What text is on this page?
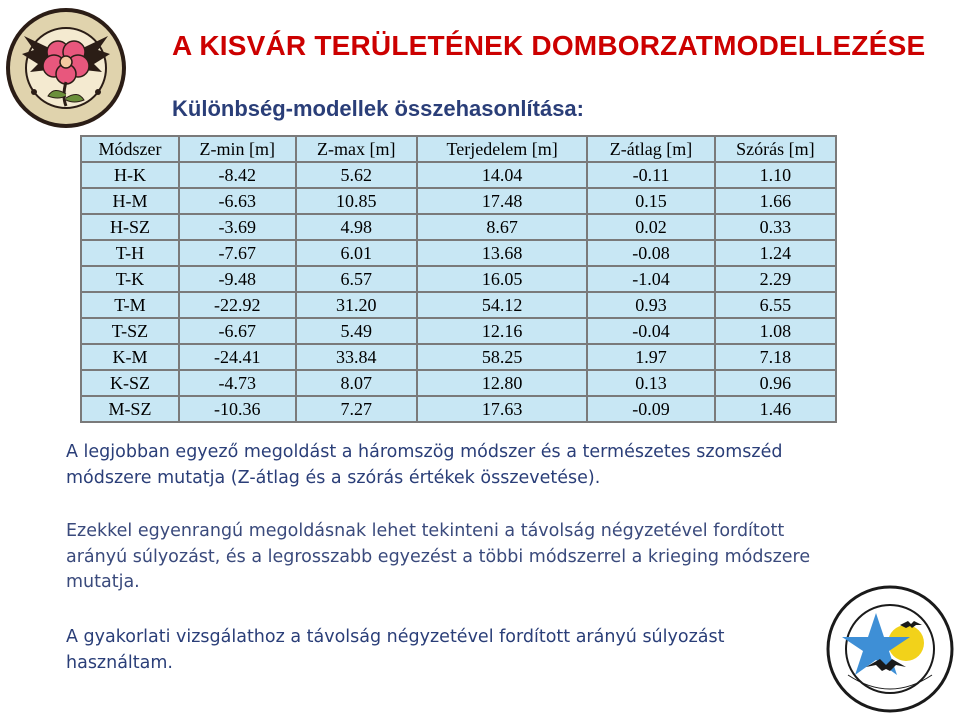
A KISVÁR TERÜLETÉNEK DOMBORZATMODELLEZÉSE
Különbség-modellek összehasonlítása:
Módszer	Z-min [m]	Z-max [m]	Terjedelem [m]	Z-átlag [m]	Szórás [m]
H-K	-8.42	5.62	14.04	-0.11	1.10
H-M	-6.63	10.85	17.48	0.15	1.66
H-SZ	-3.69	4.98	8.67	0.02	0.33
T-H	-7.67	6.01	13.68	-0.08	1.24
T-K	-9.48	6.57	16.05	-1.04	2.29
T-M	-22.92	31.20	54.12	0.93	6.55
T-SZ	-6.67	5.49	12.16	-0.04	1.08
K-M	-24.41	33.84	58.25	1.97	7.18
K-SZ	-4.73	8.07	12.80	0.13	0.96
M-SZ	-10.36	7.27	17.63	-0.09	1.46
A legjobban egyező megoldást a háromszög módszer és a természetes szomszéd módszere mutatja (Z-átlag és a szórás értékek összevetése).
Ezekkel egyenrangú megoldásnak lehet tekinteni a távolság négyzetével fordított arányú súlyozást, és a legrosszabb egyezést a többi módszerrel a krieging módszere mutatja.
A gyakorlati vizsgálathoz a távolság négyzetével fordított arányú súlyozást használtam.
